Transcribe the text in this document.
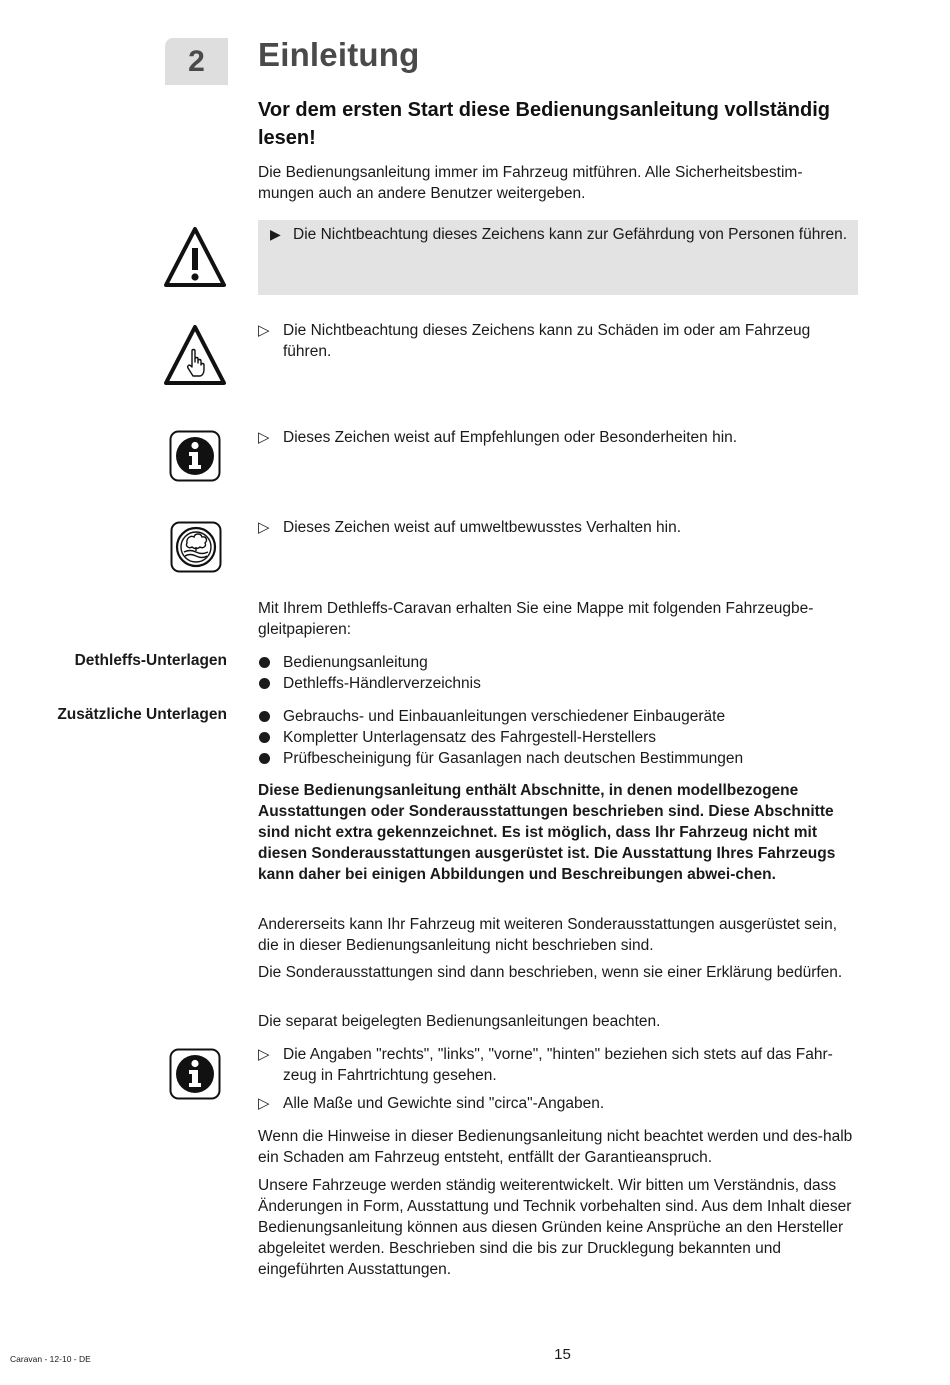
2 Einleitung
Vor dem ersten Start diese Bedienungsanleitung vollständig lesen!
Die Bedienungsanleitung immer im Fahrzeug mitführen. Alle Sicherheitsbestim-mungen auch an andere Benutzer weitergeben.
▶ Die Nichtbeachtung dieses Zeichens kann zur Gefährdung von Personen führen.
▷ Die Nichtbeachtung dieses Zeichens kann zu Schäden im oder am Fahrzeug führen.
▷ Dieses Zeichen weist auf Empfehlungen oder Besonderheiten hin.
▷ Dieses Zeichen weist auf umweltbewusstes Verhalten hin.
Mit Ihrem Dethleffs-Caravan erhalten Sie eine Mappe mit folgenden Fahrzeugbe-gleitpapieren:
Dethleffs-Unterlagen	Bedienungsanleitung
Dethleffs-Händlerverzeichnis
Zusätzliche Unterlagen	Gebrauchs- und Einbauanleitungen verschiedener Einbaugeräte
Kompletter Unterlagensatz des Fahrgestell-Herstellers
Prüfbescheinigung für Gasanlagen nach deutschen Bestimmungen
Diese Bedienungsanleitung enthält Abschnitte, in denen modellbezogene Ausstattungen oder Sonderausstattungen beschrieben sind. Diese Abschnitte sind nicht extra gekennzeichnet. Es ist möglich, dass Ihr Fahrzeug nicht mit diesen Sonderausstattungen ausgerüstet ist. Die Ausstattung Ihres Fahrzeugs kann daher bei einigen Abbildungen und Beschreibungen abwei-chen.
Andererseits kann Ihr Fahrzeug mit weiteren Sonderausstattungen ausgerüstet sein, die in dieser Bedienungsanleitung nicht beschrieben sind.
Die Sonderausstattungen sind dann beschrieben, wenn sie einer Erklärung bedürfen.
Die separat beigelegten Bedienungsanleitungen beachten.
▷ Die Angaben "rechts", "links", "vorne", "hinten" beziehen sich stets auf das Fahr-zeug in Fahrtrichtung gesehen.
▷ Alle Maße und Gewichte sind "circa"-Angaben.
Wenn die Hinweise in dieser Bedienungsanleitung nicht beachtet werden und des-halb ein Schaden am Fahrzeug entsteht, entfällt der Garantieanspruch.
Unsere Fahrzeuge werden ständig weiterentwickelt. Wir bitten um Verständnis, dass Änderungen in Form, Ausstattung und Technik vorbehalten sind. Aus dem Inhalt dieser Bedienungsanleitung können aus diesen Gründen keine Ansprüche an den Hersteller abgeleitet werden. Beschrieben sind die bis zur Drucklegung bekannten und eingeführten Ausstattungen.
Caravan - 12-10 - DE	15
